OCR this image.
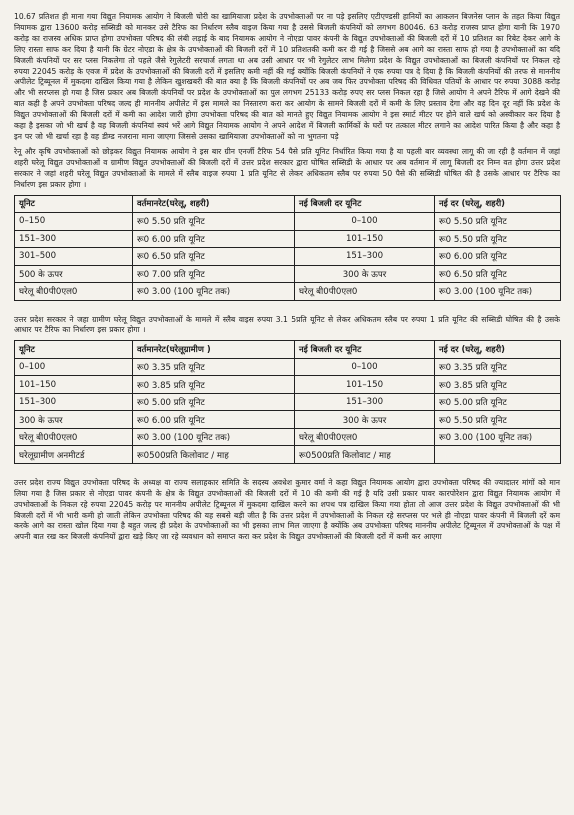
10.67 प्रतिशत ही माना गया विद्युत नियामक आयोग ने बिजली चोरी का खामियाजा प्रदेश के उपभोक्ताओं पर ना पड़े इसलिए एटीएण्डसी हानियों का आकलन बिजनेस प्लान के तहत किया विद्युत नियामक द्वारा 13600 करोड़ सब्सिडी को मानकर उसे टैरिफ का निर्धारण स्लैब वाइज किया गया है उससे बिजली कंपनियों को लगभग 80046. 63 करोड़ राजस्व प्राप्त होगा यानी कि 1970 करोड़ का राजस्व अधिक प्राप्त होगा उपभोक्ता परिषद की लंबी लड़ाई के बाद नियामक आयोग ने नोएडा पावर कंपनी के विद्युत उपभोक्ताओं की बिजली दरों में 10 प्रतिशत का रिबेट देकर आगे के लिए रास्ता साफ कर दिया है यानी कि ग्रेटर नोएडा के क्षेत्र के उपभोक्ताओं की बिजली दरों में 10 प्रतिशतकी कमी कर दी गई है जिससे अब आगे का रास्ता साफ हो गया है उपभोक्ताओं का यदि बिजली कंपनियों पर सर प्लस निकलेगा तो पहले जैसे रेगुलेटरी सरचार्ज लगता था अब उसी आधार पर भी रेगुलेटर लाभ मिलेगा प्रदेश के विद्युत उपभोक्ताओं का बिजली कंपनियों पर निकल रहे रुपया 22045 करोड़ के एवज में प्रदेश के उपभोक्ताओं की बिजली दरों में इसलिए कमी नहीं की गई क्योंकि बिजली कंपनियों ने एक रुपया पत्र दे दिया है कि बिजली कंपनियों की तरफ से माननीय अपीलेट ट्रिब्यूनल में मुकदमा दाखिल किया गया है लेकिन खुशखबरी की बात क्या है कि बिजली कंपनियों पर अब जब फिर उपभोक्ता परिषद की विधिवत पतियों के आधार पर रुपया 3088 करोड़ और भी सरप्लस हो गया है जिस प्रकार अब बिजली कंपनियों पर प्रदेश के उपभोक्ताओं का पुल लगभग 25133 करोड़ रुपए सर प्लस निकल रहा है जिसे आयोग ने अपने टैरिफ में आगे देखने की बात कही है अपने उपभोक्ता परिषद जल्द ही माननीय अपीलेट में इस मामले का निस्तारण करा कर आयोग के सामने बिजली दरों में कमी के लिए प्रस्ताव देगा और वह दिन दूर नहीं कि प्रदेश के विद्युत उपभोक्ताओं की बिजली दरों में कमी का आदेश जारी होगा उपभोक्ता परिषद की बात को मानते हुए विद्युत नियामक आयोग ने इस स्मार्ट मीटर पर होने वाले खर्च को अस्वीकार कर दिया है कहा है इसका जो भी खर्च है वह बिजली कंपनियां स्वयं भरें आगे विद्युत नियामक आयोग ने अपने आदेश में बिजली कार्मिकों के घरों पर तत्काल मीटर लगाने का आदेश पारित किया है और कहा है इन पर जो भी खर्चा रहा है वह डीम्ड नजराना माना जाएगा जिससे उसका खामियाजा उपभोक्ताओं को ना भुगतना पड़े

रेनू और कृषि उपभोक्ताओं को छोड़कर विद्युत नियामक आयोग ने इस बार ग्रीन एनर्जी टैरिफ 54 पैसे प्रति यूनिट निर्धारित किया गया है या पहली बार व्यवस्था लागू की जा रही है वर्तमान में जहां शहरी घरेलू विद्युत उपभोक्ताओं व ग्रामीण विद्युत उपभोक्ताओं की बिजली दरों में उत्तर प्रदेश सरकार द्वारा घोषित सब्सिडी के आधार पर अब वर्तमान में लागू बिजली दर निम्न वत होगा उत्तर प्रदेश सरकार ने जहां शहरी घरेलू विद्युत उपभोक्ताओं के मामले में स्लैब वाइज रुपया 1 प्रति यूनिट से लेकर अधिकतम स्लैब पर रुपया 50 पैसे की सब्सिडी घोषित की है उसके आधार पर टैरिफ का निर्धारण इस प्रकार होगा ।

यूनिट	वर्तमानरेट(घरेलू, शहरी)	नई बिजली दर यूनिट	नई दर (घरेलू, शहरी)
0–150	रू0 5.50 प्रति यूनिट	0–100	रू0 5.50 प्रति यूनिट
151–300	रू0 6.00 प्रति यूनिट	101–150	रू0 5.50 प्रति यूनिट
301–500	रू0 6.50 प्रति यूनिट	151–300	रू0 6.00 प्रति यूनिट
500 के ऊपर	रू0 7.00 प्रति यूनिट	300 के ऊपर	रू0 6.50 प्रति यूनिट
घरेलू बी0पी0एल0	रू0 3.00 (100 यूनिट तक)	घरेलू बी0पी0एल0	रू0 3.00 (100 यूनिट तक)

उत्तर प्रदेश सरकार ने जहा ग्रामीण घरेलू विद्युत उपभोक्ताओं के मामले में स्लैब वाइस रुपया 3.1 5प्रति यूनिट से लेकर अधिकतम स्लैब पर रुपया 1 प्रति यूनिट की सब्सिडी घोषित की है उसके आधार पर टैरिफ का निर्धारण इस प्रकार होगा ।

यूनिट	वर्तमानरेट(घरेलूग्रामीण )	नई बिजली दर यूनिट	नई दर (घरेलू, शहरी)
0–100	रू0 3.35 प्रति यूनिट	0–100	रू0 3.35 प्रति यूनिट
101–150	रू0 3.85 प्रति यूनिट	101–150	रू0 3.85 प्रति यूनिट
151–300	रू0 5.00 प्रति यूनिट	151–300	रू0 5.00 प्रति यूनिट
300 के ऊपर	रू0 6.00 प्रति यूनिट	300 के ऊपर	रू0 5.50 प्रति यूनिट
घरेलू बी0पी0एल0	रू0 3.00 (100 यूनिट तक)	घरेलू बी0पी0एल0	रू0 3.00 (100 यूनिट तक)
घरेलूग्रामीण अनमीटर्ड	रू0500प्रति किलोवाट / माह	रू0500प्रति किलोवाट / माह	

उत्तर प्रदेश राज्य विद्युत उपभोक्ता परिषद के अध्यक्ष वा राज्य सलाहकार समिति के सदस्य अवधेश कुमार वर्मा ने कहा विद्युत नियामक आयोग द्वारा उपभोक्ता परिषद की ज्यादातर मांगों को मान लिया गया है जिस प्रकार से नोएडा पावर कंपनी के क्षेत्र के विद्युत उपभोक्ताओं की बिजली दरों में 10 की कमी की गई है यदि उसी प्रकार पावर कारपोरेशन द्वारा विद्युत नियामक आयोग में उपभोक्ताओं के निकल रहे रुपया 22045 करोड़ पर माननीय अपीलेट ट्रिब्यूनल में मुकदमा दाखिल करने का शपथ पत्र दाखिल किया गया होता तो आज उत्तर प्रदेश के विद्युत उपभोक्ताओं की भी बिजली दरों में भी भारी कमी हो जाती लेकिन उपभोक्ता परिषद की यह सबसे बड़ी जीत है कि उत्तर प्रदेश में उपभोक्ताओं के निकल रहे सरप्लस पर भले ही नोएडा पावर कंपनी में बिजली दरें कम करके आगे का रास्ता खोल दिया गया है बहुत जल्द ही प्रदेश के उपभोक्ताओं का भी इसका लाभ मिल जाएगा है क्योंकि अब उपभोक्ता परिषद माननीय अपीलेट ट्रिब्यूनल में उपभोक्ताओं के पक्ष में अपनी बात रख कर बिजली कंपनियों द्वारा खड़े किए जा रहे व्यवधान को समाप्त करा कर प्रदेश के विद्युत उपभोक्ताओं की बिजली दरों में कमी कर आएगा
